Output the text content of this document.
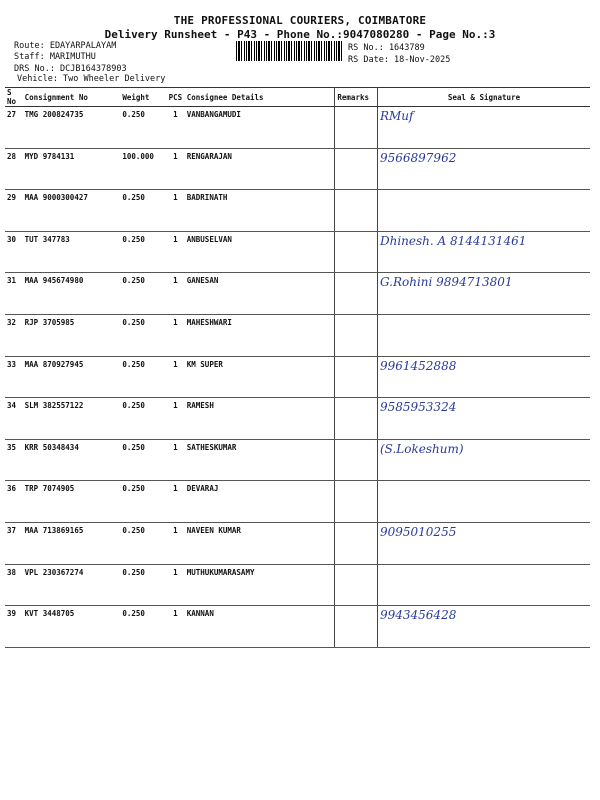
THE PROFESSIONAL COURIERS, COIMBATORE
Delivery Runsheet - P43 - Phone No.:9047080280 - Page No.:3
Route: EDAYARPALAYAM
Staff: MARIMUTHU
DRS No.: DCJB164378903
Vehicle: Two Wheeler Delivery
RS No.: 1643789
RS Date: 18-Nov-2025
S No	Consignment No	Weight	PCS	Consignee Details	Remarks	Seal & Signature
27	TMG 200824735	0.250	1	VANBANGAMUDI		RMuf
28	MYD 9784131	100.000	1	RENGARAJAN		9566897962
29	MAA 9000300427	0.250	1	BADRINATH		
30	TUT 347783	0.250	1	ANBUSELVAN		Dhinesh. A 8144131461
31	MAA 945674980	0.250	1	GANESAN		G.Rohini 9894713801
32	RJP 3705985	0.250	1	MAHESHWARI		
33	MAA 870927945	0.250	1	KM SUPER		9961452888
34	SLM 382557122	0.250	1	RAMESH		9585953324
35	KRR 50348434	0.250	1	SATHESKUMAR		(S.Lokeshum)
36	TRP 7074905	0.250	1	DEVARAJ		
37	MAA 713869165	0.250	1	NAVEEN KUMAR		9095010255
38	VPL 230367274	0.250	1	MUTHUKUMARASAMY		
39	KVT 3448705	0.250	1	KANNAN		9943456428
